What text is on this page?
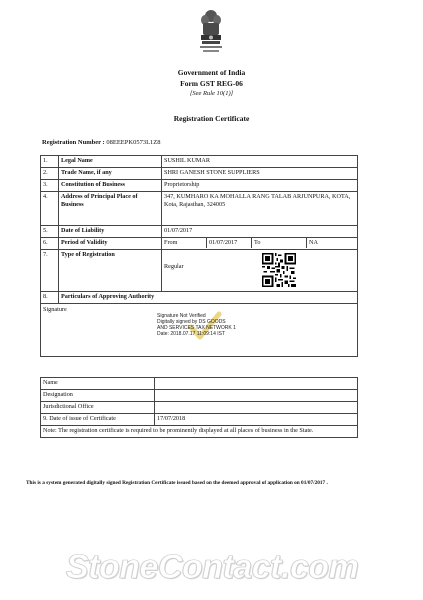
Government of India
Form GST REG-06
[See Rule 10(1)]
Registration Certificate
Registration Number : 08EEEPK0573L1Z8
1.	Legal Name	SUSHIL KUMAR
2.	Trade Name, if any	SHRI GANESH STONE SUPPLIERS
3.	Constitution of Business	Proprietorship
4.	Address of Principal Place of Business	347, KUMHARO KA MOHALLA RANG TALAB ARJUNPURA, KOTA, Kota, Rajasthan, 324005
5.	Date of Liability	01/07/2017
6.	Period of Validity		From	01/07/2017	To	NA

7.	Type of Registration	
Regular

8.	Particulars of Approving Authority

Signature
Signature Not Verified
Digitally signed by DS GOODS
AND SERVICES TAX NETWORK 1
Date: 2018.07.17 11:09:14 IST
Name	
Designation	
Jurisdictional Office	
9. Date of issue of Certificate	17/07/2018
Note: The registration certificate is required to be prominently displayed at all places of business in the State.	
This is a system generated digitally signed Registration Certificate issued based on the deemed approval of application on 01/07/2017 .
StoneContact.com
